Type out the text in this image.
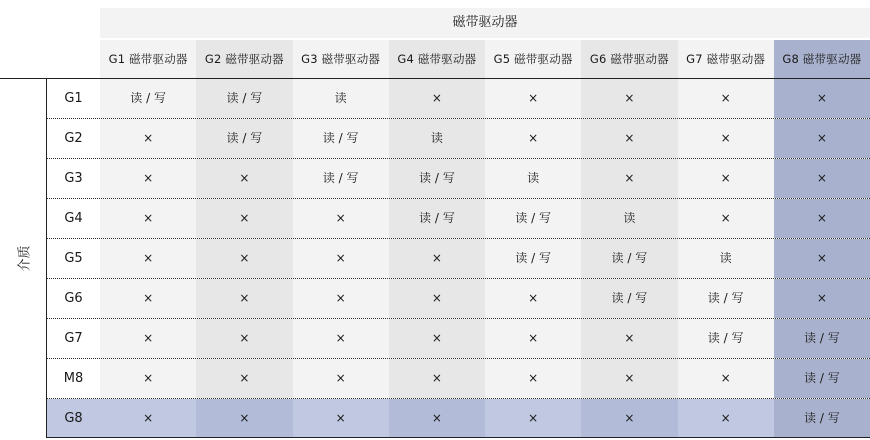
磁带驱动器
G1 磁带驱动器	G2 磁带驱动器	G3 磁带驱动器	G4 磁带驱动器	G5 磁带驱动器	G6 磁带驱动器	G7 磁带驱动器	G8 磁带驱动器
介质
G1	读 / 写	读 / 写	读	×	×	×	×	×
G2	×	读 / 写	读 / 写	读	×	×	×	×
G3	×	×	读 / 写	读 / 写	读	×	×	×
G4	×	×	×	读 / 写	读 / 写	读	×	×
G5	×	×	×	×	读 / 写	读 / 写	读	×
G6	×	×	×	×	×	读 / 写	读 / 写	×
G7	×	×	×	×	×	×	读 / 写	读 / 写
M8	×	×	×	×	×	×	×	读 / 写
G8	×	×	×	×	×	×	×	读 / 写
